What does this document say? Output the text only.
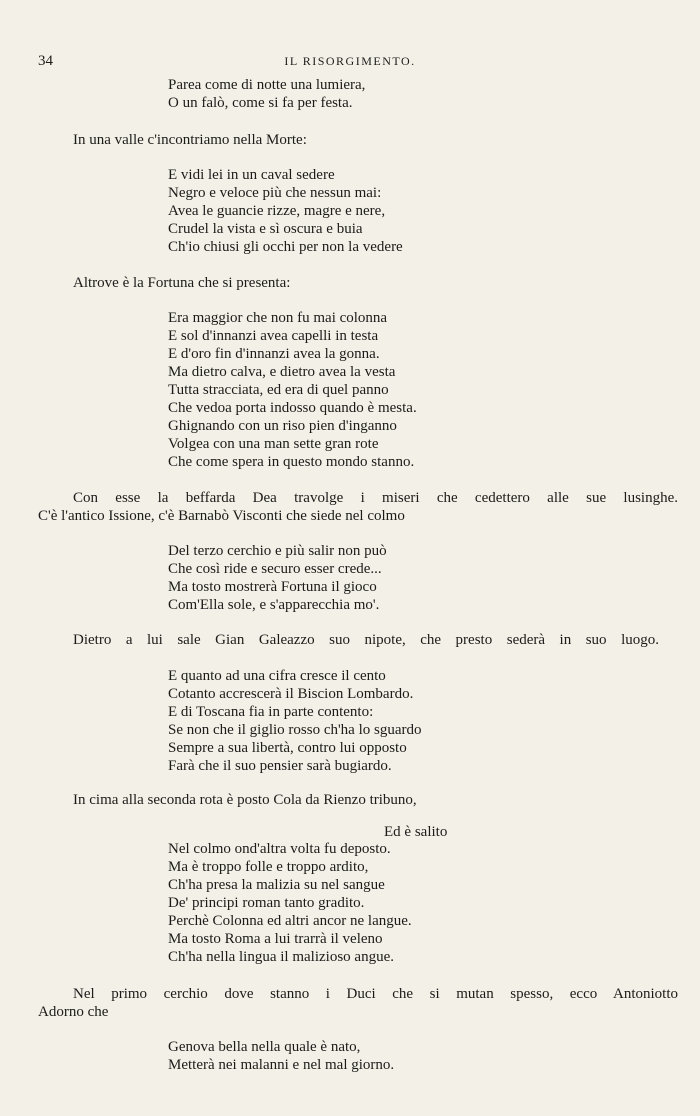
34	IL RISORGIMENTO.
Parea come di notte una lumiera,
O un falò, come si fa per festa.
In una valle c'incontriamo nella Morte:
E vidi lei in un caval sedere
Negro e veloce più che nessun mai:
Avea le guancie rizze, magre e nere,
Crudel la vista e sì oscura e buia
Ch'io chiusi gli occhi per non la vedere
Altrove è la Fortuna che si presenta:
Era maggior che non fu mai colonna
E sol d'innanzi avea capelli in testa
E d'oro fin d'innanzi avea la gonna.
Ma dietro calva, e dietro avea la vesta
Tutta stracciata, ed era di quel panno
Che vedoa porta indosso quando è mesta.
Ghignando con un riso pien d'inganno
Volgea con una man sette gran rote
Che come spera in questo mondo stanno.
Con esse la beffarda Dea travolge i miseri che cedettero alle sue lusinghe.
C'è l'antico Issione, c'è Barnabò Visconti che siede nel colmo
Del terzo cerchio e più salir non può
Che così ride e securo esser crede...
Ma tosto mostrerà Fortuna il gioco
Com'Ella sole, e s'apparecchia mo'.
Dietro a lui sale Gian Galeazzo suo nipote, che presto sederà in suo luogo.
E quanto ad una cifra cresce il cento
Cotanto accrescerà il Biscion Lombardo.
E di Toscana fia in parte contento:
Se non che il giglio rosso ch'ha lo sguardo
Sempre a sua libertà, contro lui opposto
Farà che il suo pensier sarà bugiardo.
In cima alla seconda rota è posto Cola da Rienzo tribuno,
Ed è salito
Nel colmo ond'altra volta fu deposto.
Ma è troppo folle e troppo ardito,
Ch'ha presa la malizia su nel sangue
De' principi roman tanto gradito.
Perchè Colonna ed altri ancor ne langue.
Ma tosto Roma a lui trarrà il veleno
Ch'ha nella lingua il malizioso angue.
Nel primo cerchio dove stanno i Duci che si mutan spesso, ecco Antoniotto
Adorno che
Genova bella nella quale è nato,
Metterà nei malanni e nel mal giorno.
